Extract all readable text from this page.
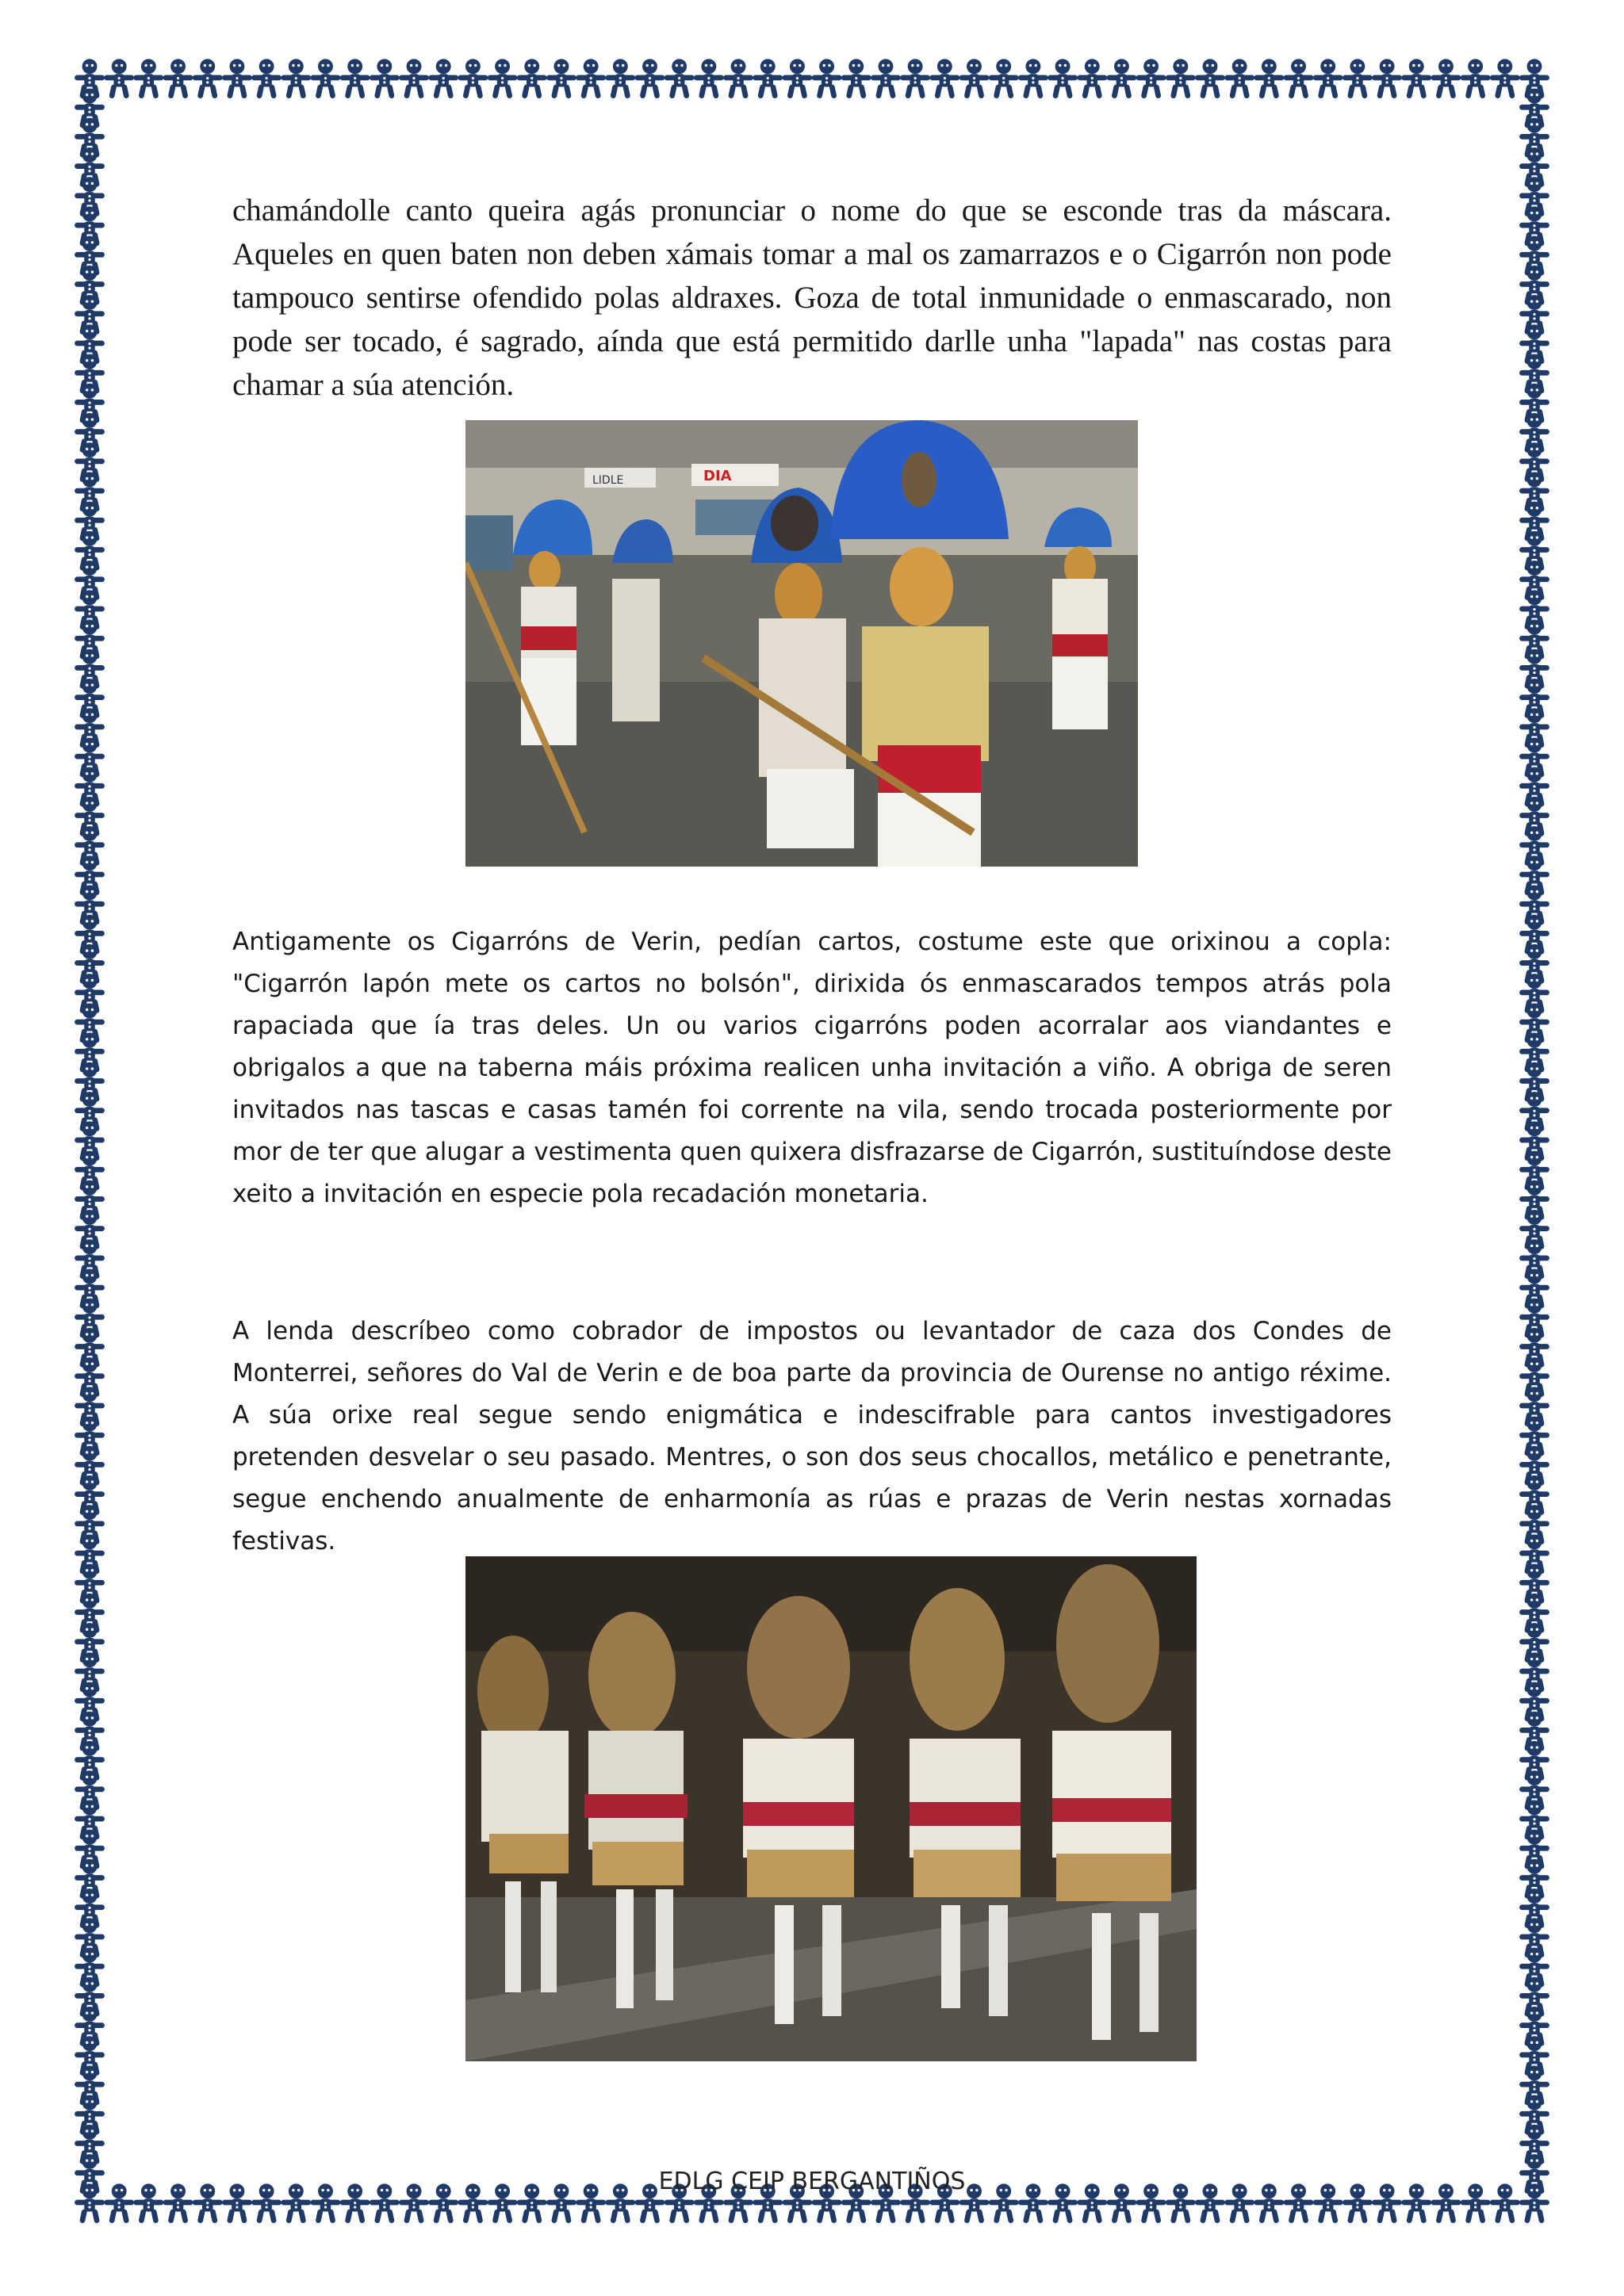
chamándolle canto queira agás pronunciar o nome do que se esconde tras da máscara. Aqueles en quen baten non deben xámais tomar a mal os zamarrazos e o Cigarrón non pode tampouco sentirse ofendido polas aldraxes. Goza de total inmunidade o enmascarado, non pode ser tocado, é sagrado, aínda que está permitido darlle unha "lapada" nas costas para chamar a súa atención.

LIDLE	DIA

Antigamente os Cigarróns de Verin, pedían cartos, costume este que orixinou a copla: "Cigarrón lapón mete os cartos no bolsón", dirixida ós enmascarados tempos atrás pola rapaciada que ía tras deles. Un ou varios cigarróns poden acorralar aos viandantes e obrigalos a que na taberna máis próxima realicen unha invitación a viño. A obriga de seren invitados nas tascas e casas tamén foi corrente na vila, sendo trocada posteriormente por mor de ter que alugar a vestimenta quen quixera disfrazarse de Cigarrón, sustituíndose deste xeito a invitación en especie pola recadación monetaria.

A lenda descríbeo como cobrador de impostos ou levantador de caza dos Condes de Monterrei, señores do Val de Verin e de boa parte da provincia de Ourense no antigo réxime. A súa orixe real segue sendo enigmática e indescifrable para cantos investigadores pretenden desvelar o seu pasado. Mentres, o son dos seus chocallos, metálico e penetrante, segue enchendo anualmente de enharmonía as rúas e prazas de Verin nestas xornadas festivas.

EDLG CEIP BERGANTIÑOS
